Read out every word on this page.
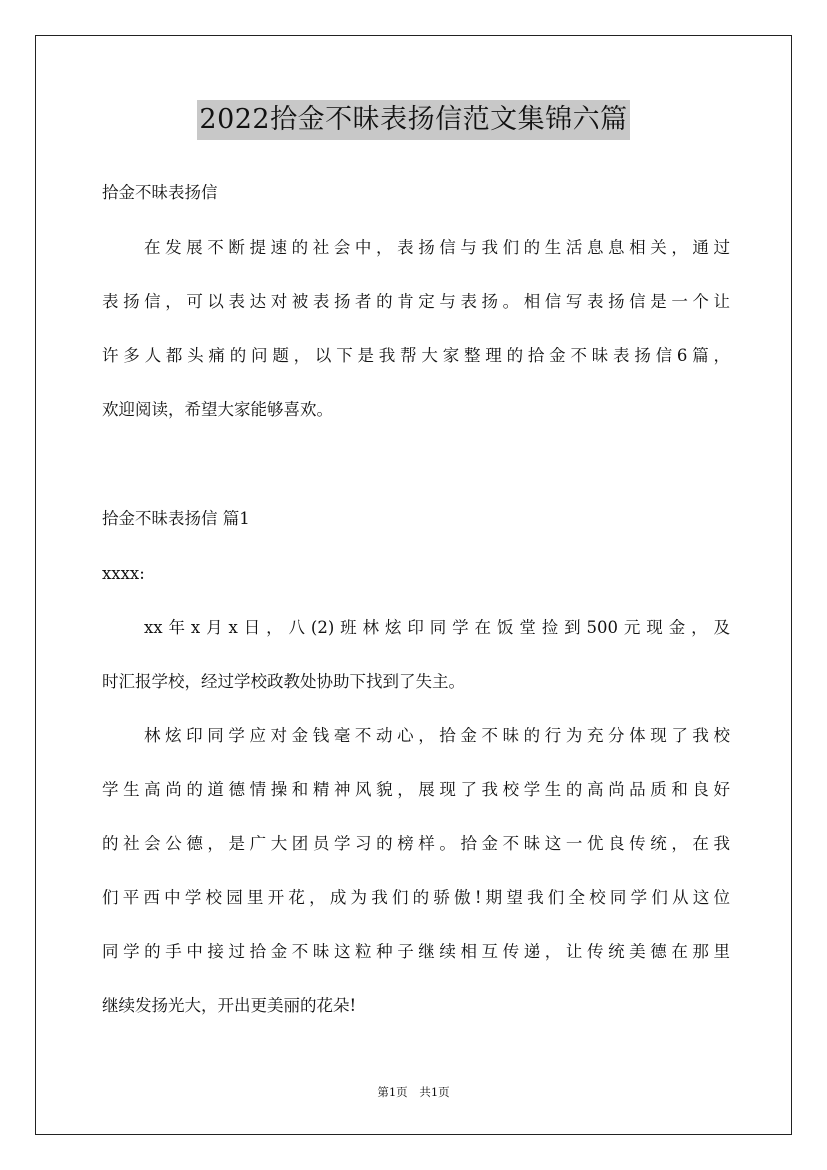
2022拾金不昧表扬信范文集锦六篇

拾金不昧表扬信

在发展不断提速的社会中，表扬信与我们的生活息息相关，通过

表扬信，可以表达对被表扬者的肯定与表扬。相信写表扬信是一个让

许多人都头痛的问题，以下是我帮大家整理的拾金不昧表扬信6篇，

欢迎阅读，希望大家能够喜欢。

拾金不昧表扬信 篇1

xxxx:

xx年x月x日，八(2)班林炫印同学在饭堂捡到500元现金，及

时汇报学校，经过学校政教处协助下找到了失主。

林炫印同学应对金钱毫不动心，拾金不昧的行为充分体现了我校

学生高尚的道德情操和精神风貌，展现了我校学生的高尚品质和良好

的社会公德，是广大团员学习的榜样。拾金不昧这一优良传统，在我

们平西中学校园里开花，成为我们的骄傲!期望我们全校同学们从这位

同学的手中接过拾金不昧这粒种子继续相互传递，让传统美德在那里

继续发扬光大，开出更美丽的花朵!

第1页 共1页
